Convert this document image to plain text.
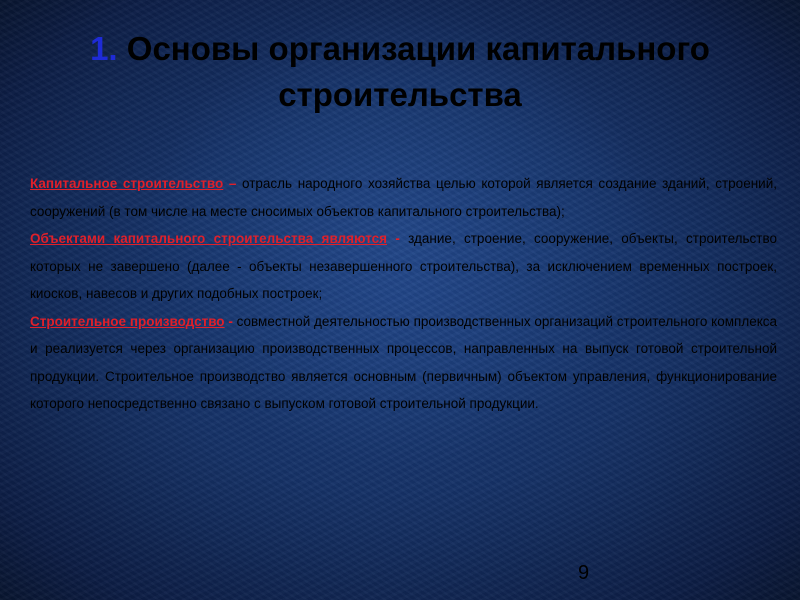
1. Основы организации капитального строительства

Капитальное строительство – отрасль народного хозяйства целью которой является создание зданий, строений, сооружений (в том числе на месте сносимых объектов капитального строительства);

Объектами капитального строительства являются - здание, строение, сооружение, объекты, строительство которых не завершено (далее - объекты незавершенного строительства), за исключением временных построек, киосков, навесов и других подобных построек;

Строительное производство - совместной деятельностью производственных организаций строительного комплекса и реализуется через организацию производственных процессов, направленных на выпуск готовой строительной продукции. Строительное производство является основным (первичным) объектом управления, функционирование которого непосредственно связано с выпуском готовой строительной продукции.

9
